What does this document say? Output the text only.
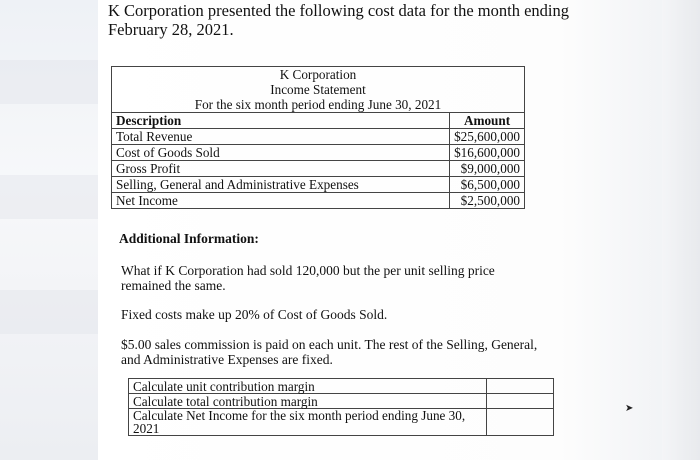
K Corporation presented the following cost data for the month ending February 28, 2021.

K Corporation	
Income Statement	
For the six month period ending June 30, 2021	
Description	Amount
Total Revenue	$25,600,000
Cost of Goods Sold	$16,600,000
Gross Profit	$9,000,000
Selling, General and Administrative Expenses	$6,500,000
Net Income	$2,500,000
Additional Information:

What if K Corporation had sold 120,000 but the per unit selling price remained the same.

Fixed costs make up 20% of Cost of Goods Sold.

$5.00 sales commission is paid on each unit. The rest of the Selling, General, and Administrative Expenses are fixed.

Calculate unit contribution margin	
Calculate total contribution margin	
Calculate Net Income for the six month period ending June 30, 2021	
➤
